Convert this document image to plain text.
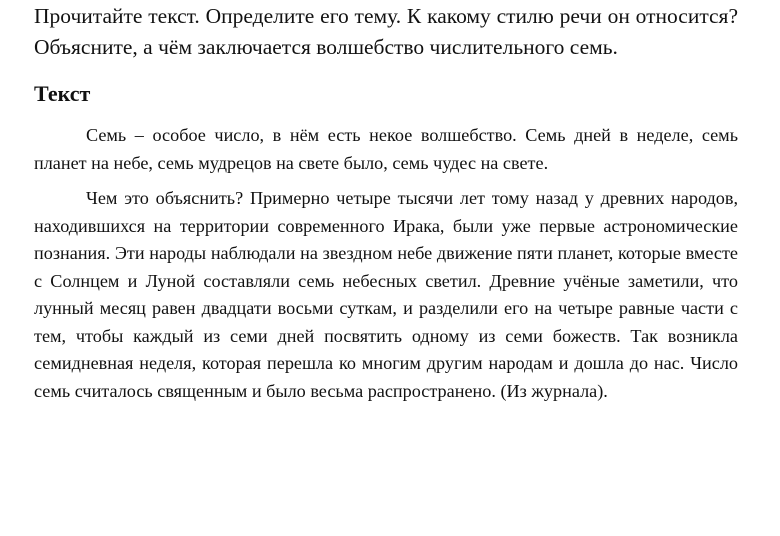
Прочитайте текст. Определите его тему. К какому стилю речи он относится? Объясните, а чём заключается волшебство числительного семь.

Текст

Семь – особое число, в нём есть некое волшебство. Семь дней в неделе, семь планет на небе, семь мудрецов на свете было, семь чудес на свете.

Чем это объяснить? Примерно четыре тысячи лет тому назад у древних народов, находившихся на территории современного Ирака, были уже первые астрономические познания. Эти народы наблюдали на звездном небе движение пяти планет, которые вместе с Солнцем и Луной составляли семь небесных светил. Древние учёные заметили, что лунный месяц равен двадцати восьми суткам, и разделили его на четыре равные части с тем, чтобы каждый из семи дней посвятить одному из семи божеств. Так возникла семидневная неделя, которая перешла ко многим другим народам и дошла до нас. Число семь считалось священным и было весьма распространено. (Из журнала).
